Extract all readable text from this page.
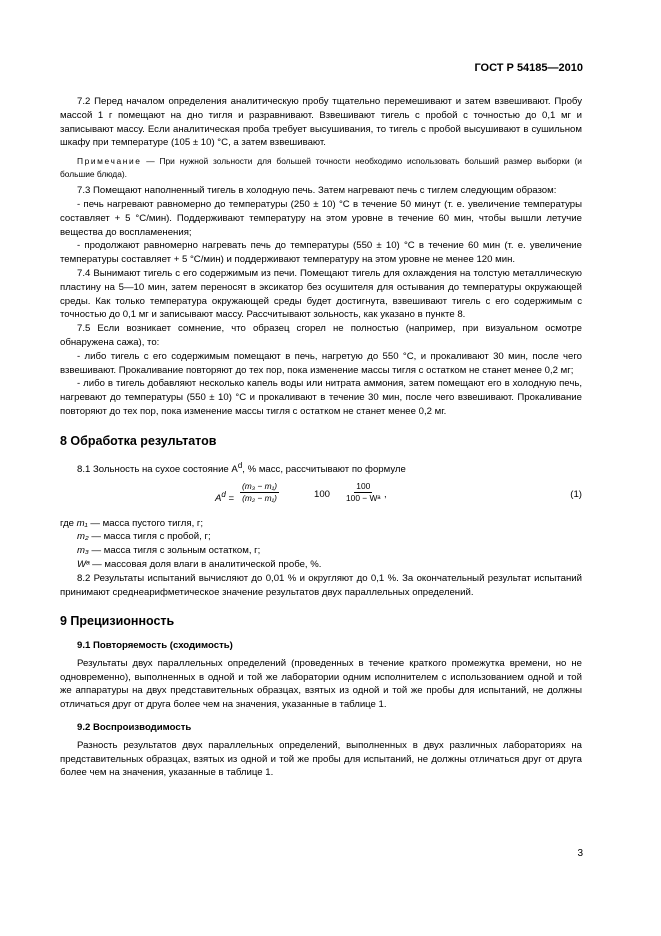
ГОСТ Р 54185—2010

7.2 Перед началом определения аналитическую пробу тщательно перемешивают и затем взвешивают. Пробу массой 1 г помещают на дно тигля и разравнивают. Взвешивают тигель с пробой с точностью до 0,1 мг и записывают массу. Если аналитическая проба требует высушивания, то тигель с пробой высушивают в сушильном шкафу при температуре (105 ± 10) °С, а затем взвешивают.

Примечание — При нужной зольности для большей точности необходимо использовать больший размер выборки (и большие блюда).

7.3 Помещают наполненный тигель в холодную печь. Затем нагревают печь с тиглем следующим образом:

- печь нагревают равномерно до температуры (250 ± 10) °С в течение 50 минут (т. е. увеличение температуры составляет + 5 °С/мин). Поддерживают температуру на этом уровне в течение 60 мин, чтобы вышли летучие вещества до воспламенения;

- продолжают равномерно нагревать печь до температуры (550 ± 10) °С в течение 60 мин (т. е. увеличение температуры составляет + 5 °С/мин) и поддерживают температуру на этом уровне не менее 120 мин.

7.4 Вынимают тигель с его содержимым из печи. Помещают тигель для охлаждения на толстую металлическую пластину на 5—10 мин, затем переносят в эксикатор без осушителя для остывания до температуры окружающей среды. Как только температура окружающей среды будет достигнута, взвешивают тигель с его содержимым с точностью до 0,1 мг и записывают массу. Рассчитывают зольность, как указано в пункте 8.

7.5 Если возникает сомнение, что образец сгорел не полностью (например, при визуальном осмотре обнаружена сажа), то:

- либо тигель с его содержимым помещают в печь, нагретую до 550 °С, и прокаливают 30 мин, после чего взвешивают. Прокаливание повторяют до тех пор, пока изменение массы тигля с остатком не станет менее 0,2 мг;

- либо в тигель добавляют несколько капель воды или нитрата аммония, затем помещают его в холодную печь, нагревают до температуры (550 ± 10) °С и прокаливают в течение 30 мин, после чего взвешивают. Прокаливание повторяют до тех пор, пока изменение массы тигля с остатком не станет менее 0,2 мг.

8 Обработка результатов

8.1 Зольность на сухое состояние $A^d$, % масс, рассчитывают по формуле

$A^d = \frac{\text{(m₃ − m₁)}}{\text{(m₂ − m₁)}}$	$100 \frac{100}{\text{100 − Wᵃ}}$ ,	(1)
где m₁ — масса пустого тигля, г;
m₂ — масса тигля с пробой, г;
m₃ — масса тигля с зольным остатком, г;
Wᵃ — массовая доля влаги в аналитической пробе, %.

8.2 Результаты испытаний вычисляют до 0,01 % и округляют до 0,1 %. За окончательный результат испытаний принимают среднеарифметическое значение результатов двух параллельных определений.

9 Прецизионность
9.1 Повторяемость (сходимость)

Результаты двух параллельных определений (проведенных в течение краткого промежутка времени, но не одновременно), выполненных в одной и той же лаборатории одним исполнителем с использованием одной и той же аппаратуры на двух представительных образцах, взятых из одной и той же пробы для испытаний, не должны отличаться друг от друга более чем на значения, указанные в таблице 1.

9.2 Воспроизводимость

Разность результатов двух параллельных определений, выполненных в двух различных лабораториях на представительных образцах, взятых из одной и той же пробы для испытаний, не должны отличаться друг от друга более чем на значения, указанные в таблице 1.

3
